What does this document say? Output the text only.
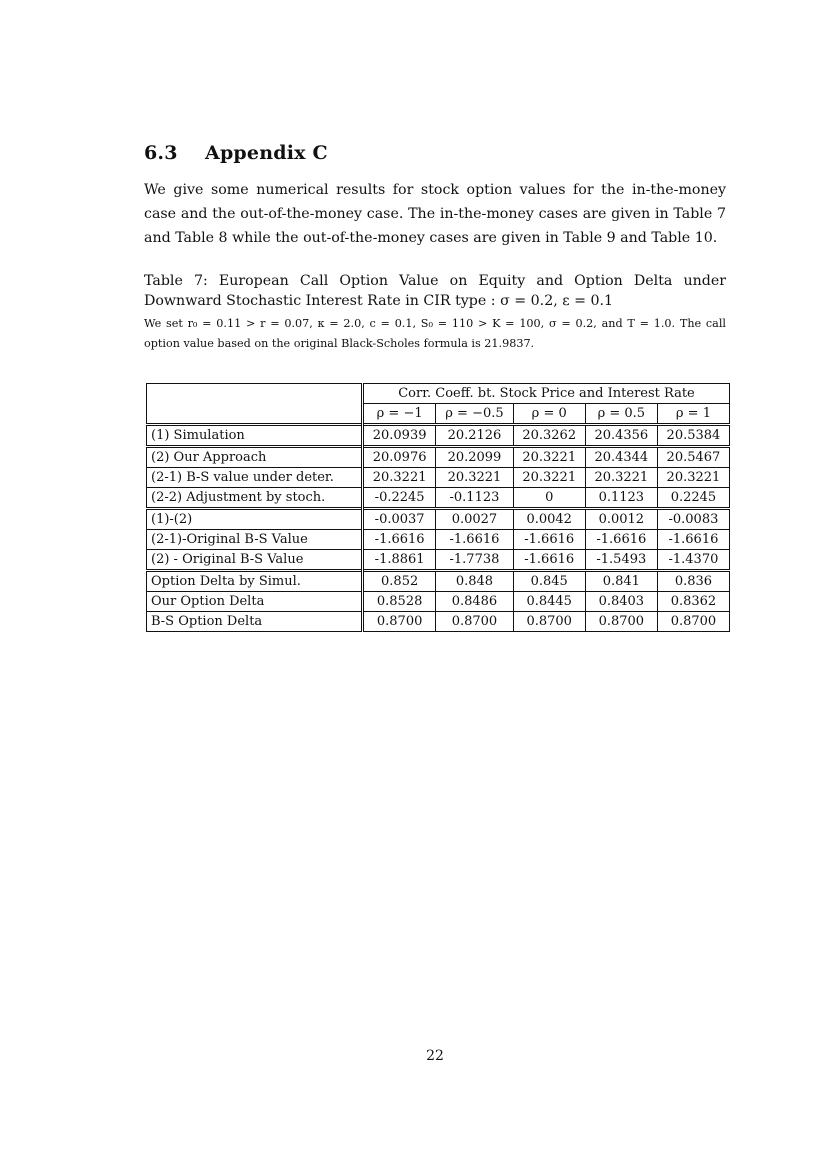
6.3 Appendix C
We give some numerical results for stock option values for the in-the-money case and the out-of-the-money case. The in-the-money cases are given in Table 7 and Table 8 while the out-of-the-money cases are given in Table 9 and Table 10.
Table 7: European Call Option Value on Equity and Option Delta under Downward Stochastic Interest Rate in CIR type : σ = 0.2, ε = 0.1
We set r₀ = 0.11 > r = 0.07, κ = 2.0, c = 0.1, S₀ = 110 > K = 100, σ = 0.2, and T = 1.0. The call option value based on the original Black-Scholes formula is 21.9837.
	Corr. Coeff. bt. Stock Price and Interest Rate				
	ρ = −1	ρ = −0.5	ρ = 0	ρ = 0.5	ρ = 1
(1) Simulation	20.0939	20.2126	20.3262	20.4356	20.5384
(2) Our Approach	20.0976	20.2099	20.3221	20.4344	20.5467
(2-1) B-S value under deter.	20.3221	20.3221	20.3221	20.3221	20.3221
(2-2) Adjustment by stoch.	-0.2245	-0.1123	0	0.1123	0.2245
(1)-(2)	-0.0037	0.0027	0.0042	0.0012	-0.0083
(2-1)-Original B-S Value	-1.6616	-1.6616	-1.6616	-1.6616	-1.6616
(2) - Original B-S Value	-1.8861	-1.7738	-1.6616	-1.5493	-1.4370
Option Delta by Simul.	0.852	0.848	0.845	0.841	0.836
Our Option Delta	0.8528	0.8486	0.8445	0.8403	0.8362
B-S Option Delta	0.8700	0.8700	0.8700	0.8700	0.8700
22
